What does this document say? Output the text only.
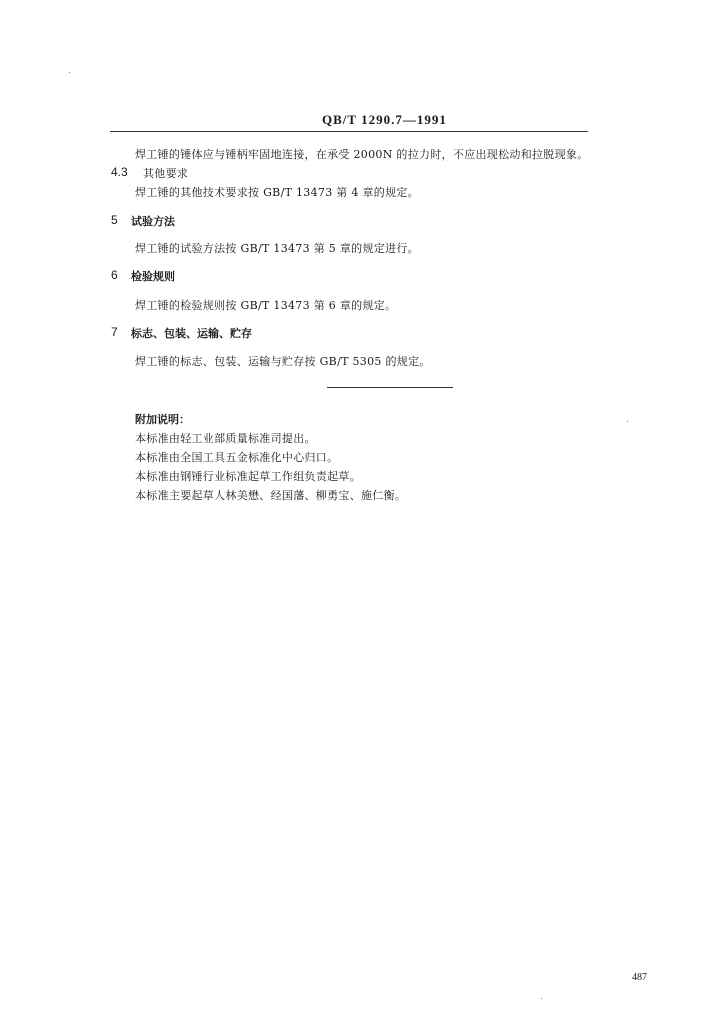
QB/T 1290.7—1991
焊工锤的锤体应与锤柄牢固地连接，在承受 2000N 的拉力时，不应出现松动和拉脱现象。
4.3 其他要求
焊工锤的其他技术要求按 GB/T 13473 第 4 章的规定。
5 试验方法
焊工锤的试验方法按 GB/T 13473 第 5 章的规定进行。
6 检验规则
焊工锤的检验规则按 GB/T 13473 第 6 章的规定。
7 标志、包装、运输、贮存
焊工锤的标志、包装、运输与贮存按 GB/T 5305 的规定。
附加说明：
本标准由轻工业部质量标准司提出。
本标准由全国工具五金标准化中心归口。
本标准由钢锤行业标准起草工作组负责起草。
本标准主要起草人林美懋、经国藩、柳勇宝、施仁衡。
487
